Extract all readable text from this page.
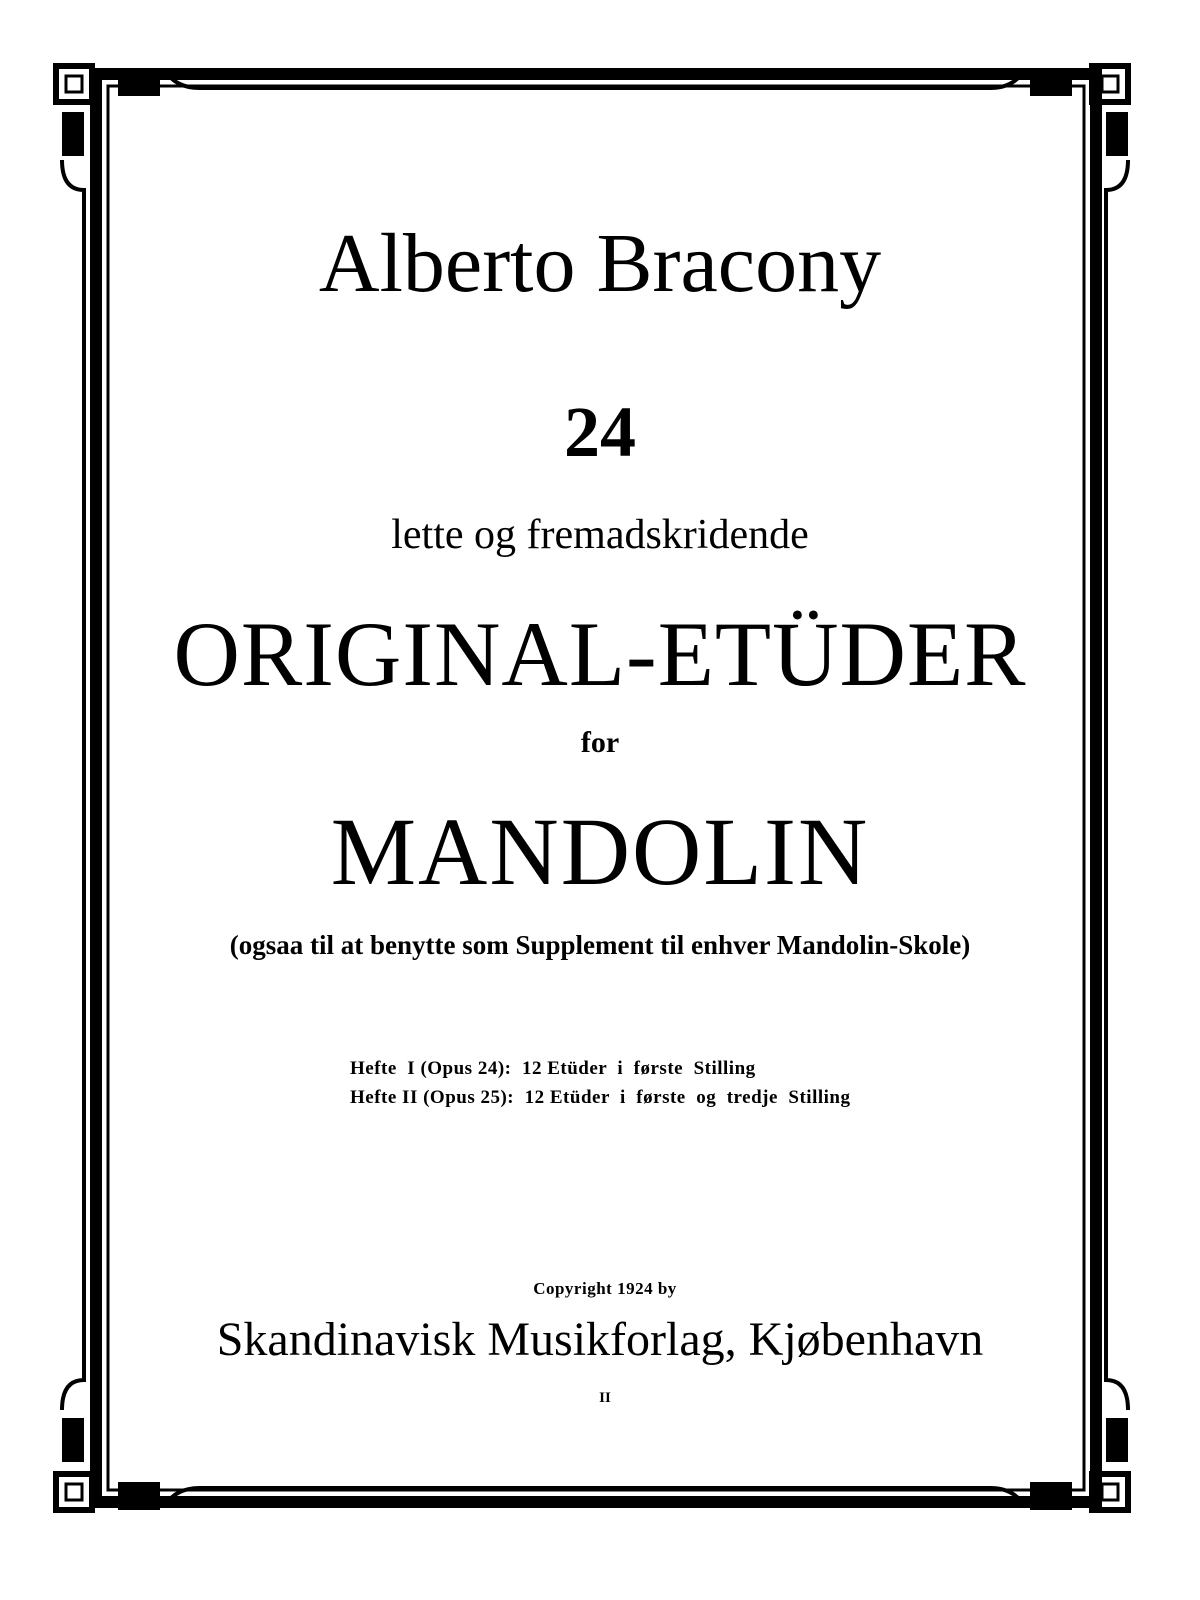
Alberto Bracony
24
lette og fremadskridende
ORIGINAL-ETÜDER
for
MANDOLIN
(ogsaa til at benytte som Supplement til enhver Mandolin-Skole)
Hefte  I (Opus 24):  12 Etüder  i  første  Stilling
Hefte II (Opus 25):  12 Etüder  i  første  og  tredje  Stilling
Copyright 1924 by
Skandinavisk Musikforlag, Kjøbenhavn
II
